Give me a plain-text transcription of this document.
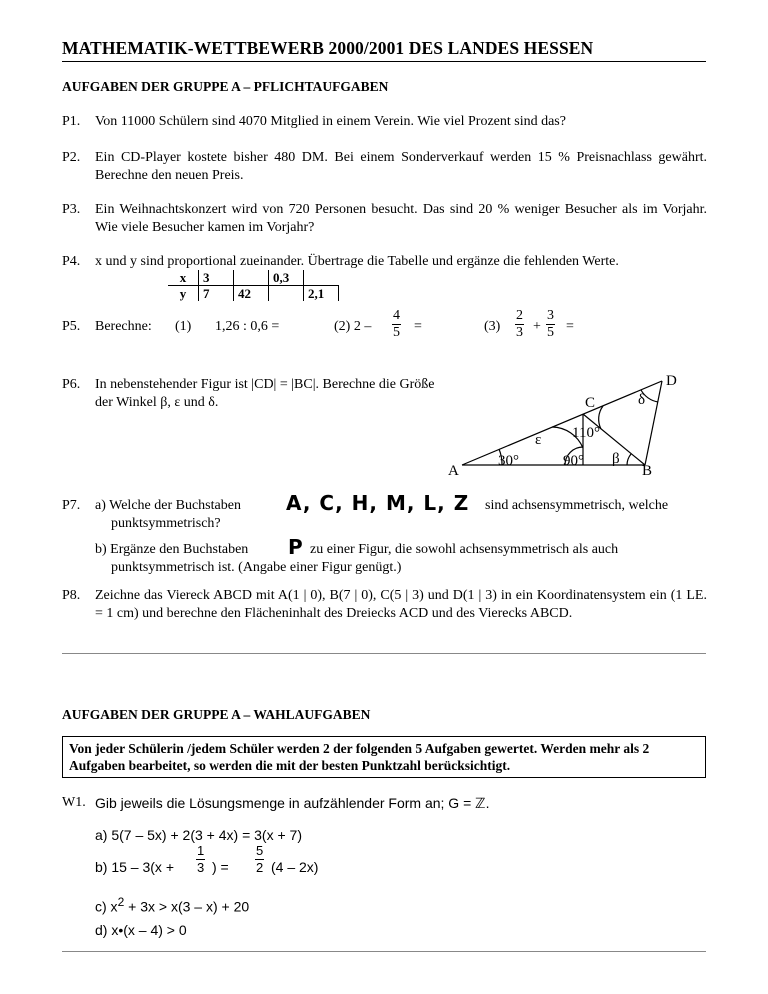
MATHEMATIK-WETTBEWERB 2000/2001 DES LANDES HESSEN
AUFGABEN DER GRUPPE A – PFLICHTAUFGABEN
P1. Von 11000 Schülern sind 4070 Mitglied in einem Verein. Wie viel Prozent sind das?
P2. Ein CD-Player kostete bisher 480 DM. Bei einem Sonderverkauf werden 15 % Preisnachlass gewährt. Berechne den neuen Preis.
P3. Ein Weihnachtskonzert wird von 720 Personen besucht. Das sind 20 % weniger Besucher als im Vorjahr. Wie viele Besucher kamen im Vorjahr?
P4. x und y sind proportional zueinander. Übertrage die Tabelle und ergänze die fehlenden Werte.
x	3		0,3	
y	7	42		2,1
P5. Berechne: (1) 1,26 : 0,6 =	(2) $2 - \frac{4}{5}$ =	$(3) \frac{2}{3} + \frac{3}{5}$ =
P6. In nebenstehender Figur ist |CD| = |BC|. Berechne die Größe der Winkel β, ε und δ.
A	B
C
D
30°	90°
ε 110°
β
δ
P7. a) Welche der Buchstaben A, C, H, M, L, Z sind achsensymmetrisch, welche
punktsymmetrisch?
b) Ergänze den Buchstaben P zu einer Figur, die sowohl achsensymmetrisch als auch
punktsymmetrisch ist. (Angabe einer Figur genügt.)
P8. Zeichne das Viereck ABCD mit A(1 | 0), B(7 | 0), C(5 | 3) und D(1 | 3) in ein Koordinatensystem ein (1 LE. = 1 cm) und berechne den Flächeninhalt des Dreiecks ACD und des Vierecks ABCD.
AUFGABEN DER GRUPPE A – WAHLAUFGABEN
Von jeder Schülerin /jedem Schüler werden 2 der folgenden 5 Aufgaben gewertet. Werden mehr als 2 Aufgaben bearbeitet, so werden die mit der besten Punktzahl berücksichtigt.
W1. Gib jeweils die Lösungsmenge in aufzählender Form an; G = ℤ.
a) 5(7 – 5x) + 2(3 + 4x) = 3(x + 7)
b) $15 - 3(x + \frac{1}{3}$ ) = $\frac{5}{2} (4 - 2x)$
c) $x^2 + 3x > x(3 - x) + 20$
d) x•(x – 4) > 0
